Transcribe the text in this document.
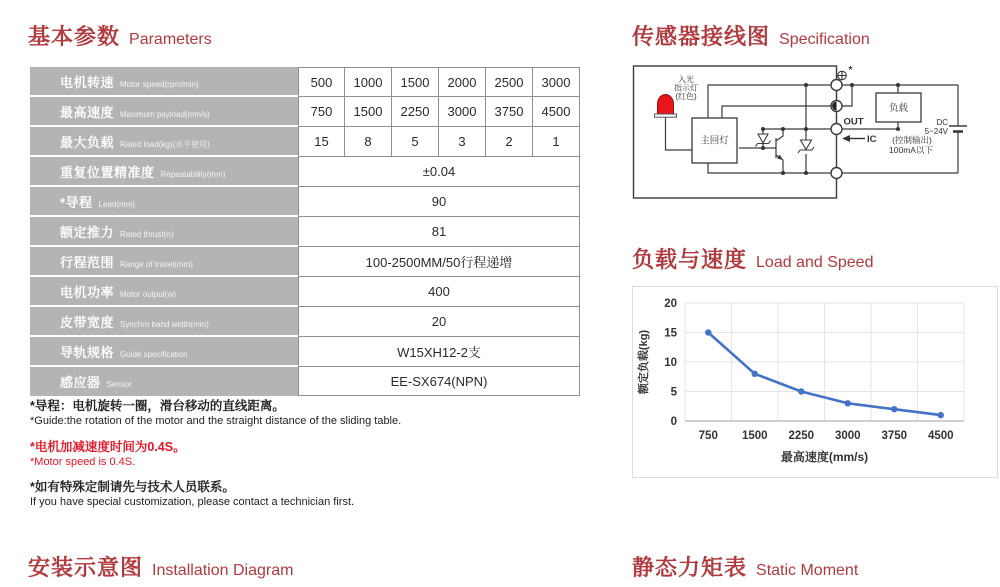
基本参数 Parameters	传感器接线图 Specification
负载与速度 Load and Speed
安装示意图 Installation Diagram	静态力矩表 Static Moment
电机转速 Motor speed(rpm/min)	500	1000	1500	2000	2500	3000

最高速度 Maximum payload(mm/s)	750	1500	2250	3000	3750	4500

最大负载 Rated load(kg)(水平使用)	15	8	5	3	2	1

重复位置精准度 Repeatability(mm)	±0.04					

*导程 Lead(mm)	90					

额定推力 Rated thrust(n)	81					

行程范围 Range of travel(mm)	100-2500MM/50行程递增					

电机功率 Motor output(w)	400					

皮带宽度 Synchro band width(mm)	20					

导轨规格 Guide specification	W15XH12-2支					

感应器 Sensor	EE-SX674(NPN)					
*导程：电机旋转一圈，滑台移动的直线距离。
*Guide:the rotation of the motor and the straight distance of the sliding table.
*电机加减速度时间为0.4S。
*Motor speed is 0.4S.
*如有特殊定制请先与技术人员联系。
If you have special customization, please contact a technician first.
主回灯
负载
*
OUT
IC
入光
指示灯
(红色)
(控制输出)
100mA以下
DC
5~24V
0
5
10
15
20
750 1500 2250 3000 3750 4500
最高速度(mm/s)
额定负载(kg)
